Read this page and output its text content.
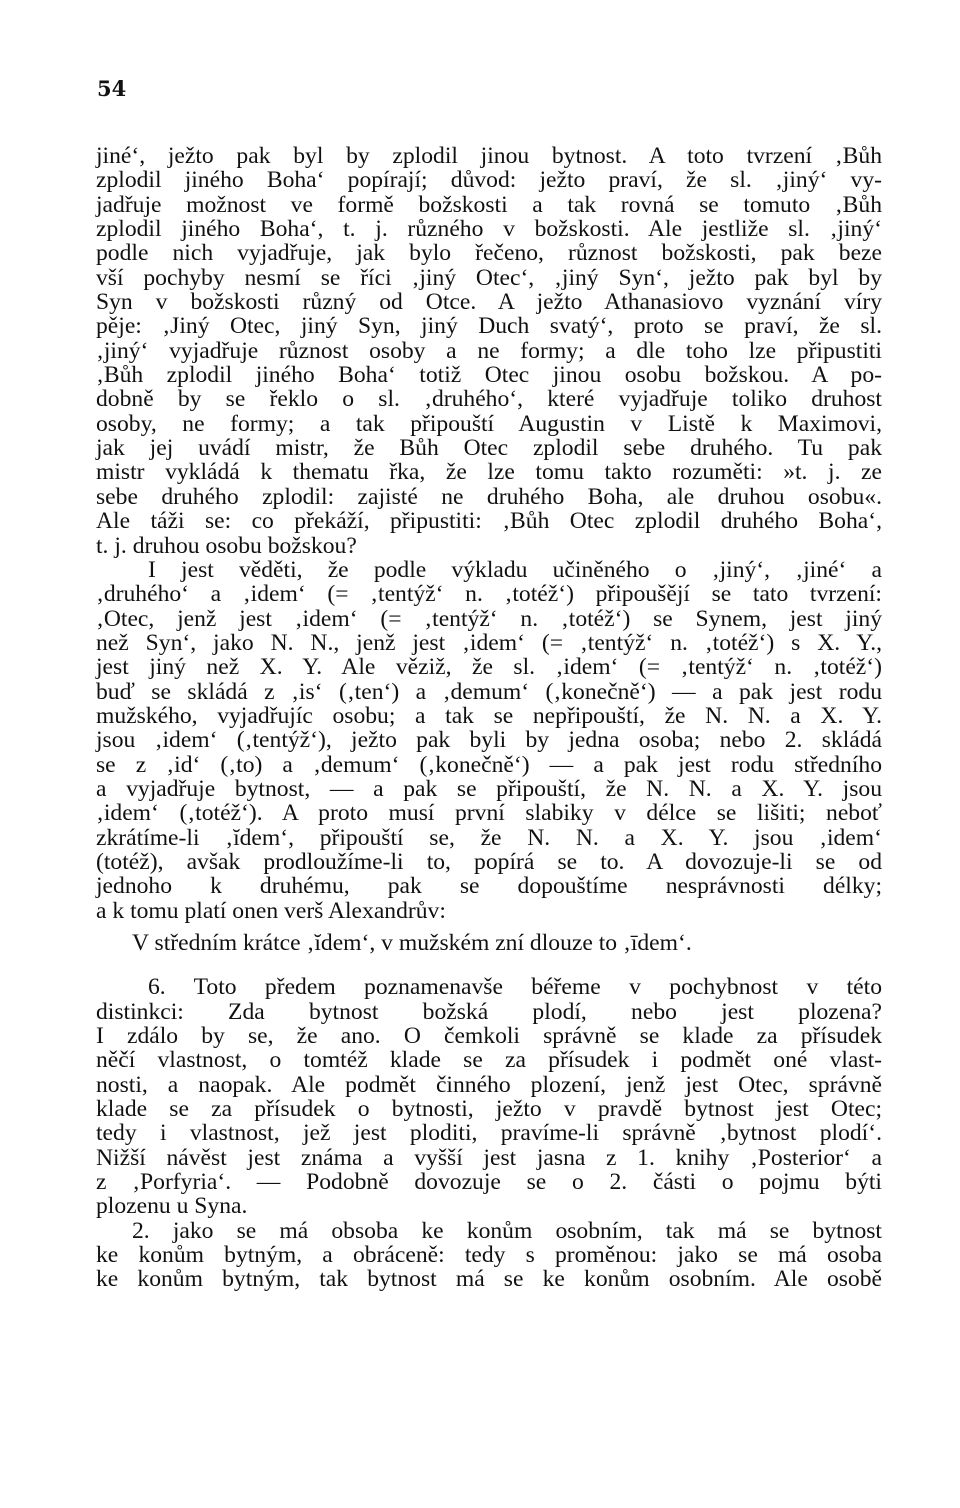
54
jiné‘, ježto pak byl by zplodil jinou bytnost. A toto tvrzení ‚Bůh
zplodil jiného Boha‘ popírají; důvod: ježto praví, že sl. ‚jiný‘ vy-
jadřuje možnost ve formě božskosti a tak rovná se tomuto ‚Bůh
zplodil jiného Boha‘, t. j. různého v božskosti. Ale jestliže sl. ‚jiný‘
podle nich vyjadřuje, jak bylo řečeno, různost božskosti, pak beze
vší pochyby nesmí se říci ‚jiný Otec‘, ‚jiný Syn‘, ježto pak byl by
Syn v božskosti různý od Otce. A ježto Athanasiovo vyznání víry
pěje: ‚Jiný Otec, jiný Syn, jiný Duch svatý‘, proto se praví, že sl.
‚jiný‘ vyjadřuje různost osoby a ne formy; a dle toho lze připustiti
‚Bůh zplodil jiného Boha‘ totiž Otec jinou osobu božskou. A po-
dobně by se řeklo o sl. ‚druhého‘, které vyjadřuje toliko druhost
osoby, ne formy; a tak připouští Augustin v Listě k Maximovi,
jak jej uvádí mistr, že Bůh Otec zplodil sebe druhého. Tu pak
mistr vykládá k thematu řka, že lze tomu takto rozuměti: »t. j. ze
sebe druhého zplodil: zajisté ne druhého Boha, ale druhou osobu«.
Ale táži se: co překáží, připustiti: ‚Bůh Otec zplodil druhého Boha‘,
t. j. druhou osobu božskou?
I jest věděti, že podle výkladu učiněného o ‚jiný‘, ‚jiné‘ a
‚druhého‘ a ‚idem‘ (= ‚tentýž‘ n. ‚totéž‘) připoušějí se tato tvrzení:
‚Otec, jenž jest ‚idem‘ (= ‚tentýž‘ n. ‚totéž‘) se Synem, jest jiný
než Syn‘, jako N. N., jenž jest ‚idem‘ (= ‚tentýž‘ n. ‚totéž‘) s X. Y.,
jest jiný než X. Y. Ale věziž, že sl. ‚idem‘ (= ‚tentýž‘ n. ‚totéž‘)
buď se skládá z ‚is‘ (‚ten‘) a ‚demum‘ (‚konečně‘) — a pak jest rodu
mužského, vyjadřujíc osobu; a tak se nepřipouští, že N. N. a X. Y.
jsou ‚idem‘ (‚tentýž‘), ježto pak byli by jedna osoba; nebo 2. skládá
se z ‚id‘ (‚to) a ‚demum‘ (‚konečně‘) — a pak jest rodu středního
a vyjadřuje bytnost, — a pak se připouští, že N. N. a X. Y. jsou
‚idem‘ (‚totéž‘). A proto musí první slabiky v délce se lišiti; neboť
zkrátíme-li ‚ĭdem‘, připouští se, že N. N. a X. Y. jsou ‚idem‘
(totéž), avšak prodloužíme-li to, popírá se to. A dovozuje-li se od
jednoho k druhému, pak se dopouštíme nesprávnosti délky;
a k tomu platí onen verš Alexandrův:
V středním krátce ‚ĭdem‘, v mužském zní dlouze to ‚īdem‘.
6. Toto předem poznamenavše béřeme v pochybnost v této
distinkci: Zda bytnost božská plodí, nebo jest plozena?
I zdálo by se, že ano. O čemkoli správně se klade za přísudek
něčí vlastnost, o tomtéž klade se za přísudek i podmět oné vlast-
nosti, a naopak. Ale podmět činného plození, jenž jest Otec, správně
klade se za přísudek o bytnosti, ježto v pravdě bytnost jest Otec;
tedy i vlastnost, jež jest ploditi, pravíme-li správně ‚bytnost plodí‘.
Nižší návěst jest známa a vyšší jest jasna z 1. knihy ‚Posterior‘ a
z ‚Porfyria‘. — Podobně dovozuje se o 2. části o pojmu býti
plozenu u Syna.
2. jako se má obsoba ke konům osobním, tak má se bytnost
ke konům bytným, a obráceně: tedy s proměnou: jako se má osoba
ke konům bytným, tak bytnost má se ke konům osobním. Ale osobě
